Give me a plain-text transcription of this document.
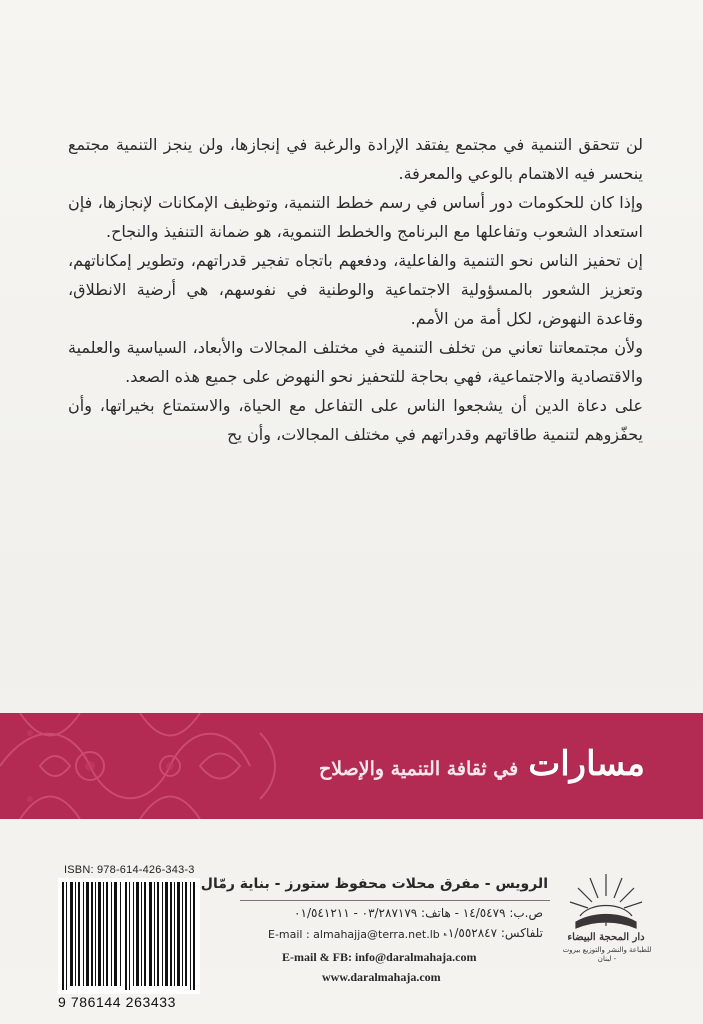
لن تتحقق التنمية في مجتمع يفتقد الإرادة والرغبة في إنجازها، ولن ينجز التنمية مجتمع ينحسر فيه الاهتمام بالوعي والمعرفة.

وإذا كان للحكومات دور أساس في رسم خطط التنمية، وتوظيف الإمكانات لإنجازها، فإن استعداد الشعوب وتفاعلها مع البرنامج والخطط التنموية، هو ضمانة التنفيذ والنجاح.

إن تحفيز الناس نحو التنمية والفاعلية، ودفعهم باتجاه تفجير قدراتهم، وتطوير إمكاناتهم، وتعزيز الشعور بالمسؤولية الاجتماعية والوطنية في نفوسهم، هي أرضية الانطلاق، وقاعدة النهوض، لكل أمة من الأمم.

ولأن مجتمعاتنا تعاني من تخلف التنمية في مختلف المجالات والأبعاد، السياسية والعلمية والاقتصادية والاجتماعية، فهي بحاجة للتحفيز نحو النهوض على جميع هذه الصعد.

على دعاة الدين أن يشجعوا الناس على التفاعل مع الحياة، والاستمتاع بخيراتها، وأن يحفّزوهم لتنمية طاقاتهم وقدراتهم في مختلف المجالات، وأن يح

مسارات
في ثقافة التنمية والإصلاح
ISBN: 978-614-426-343-3
9 786144 263433
الرويس - مفرق محلات محفوظ ستورز - بناية رمّال
ص.ب: ١٤/٥٤٧٩ - هاتف: ٠٣/٢٨٧١٧٩ - ٠١/٥٤١٢١١
تلفاكس: ٠١/٥٥٢٨٤٧
E-mail : almahajja@terra.net.lb -
E-mail & FB: info@daralmahaja.com
www.daralmahaja.com
دار المحجة البيضاء
للطباعة والنشر والتوزيع بيروت - لبنان
